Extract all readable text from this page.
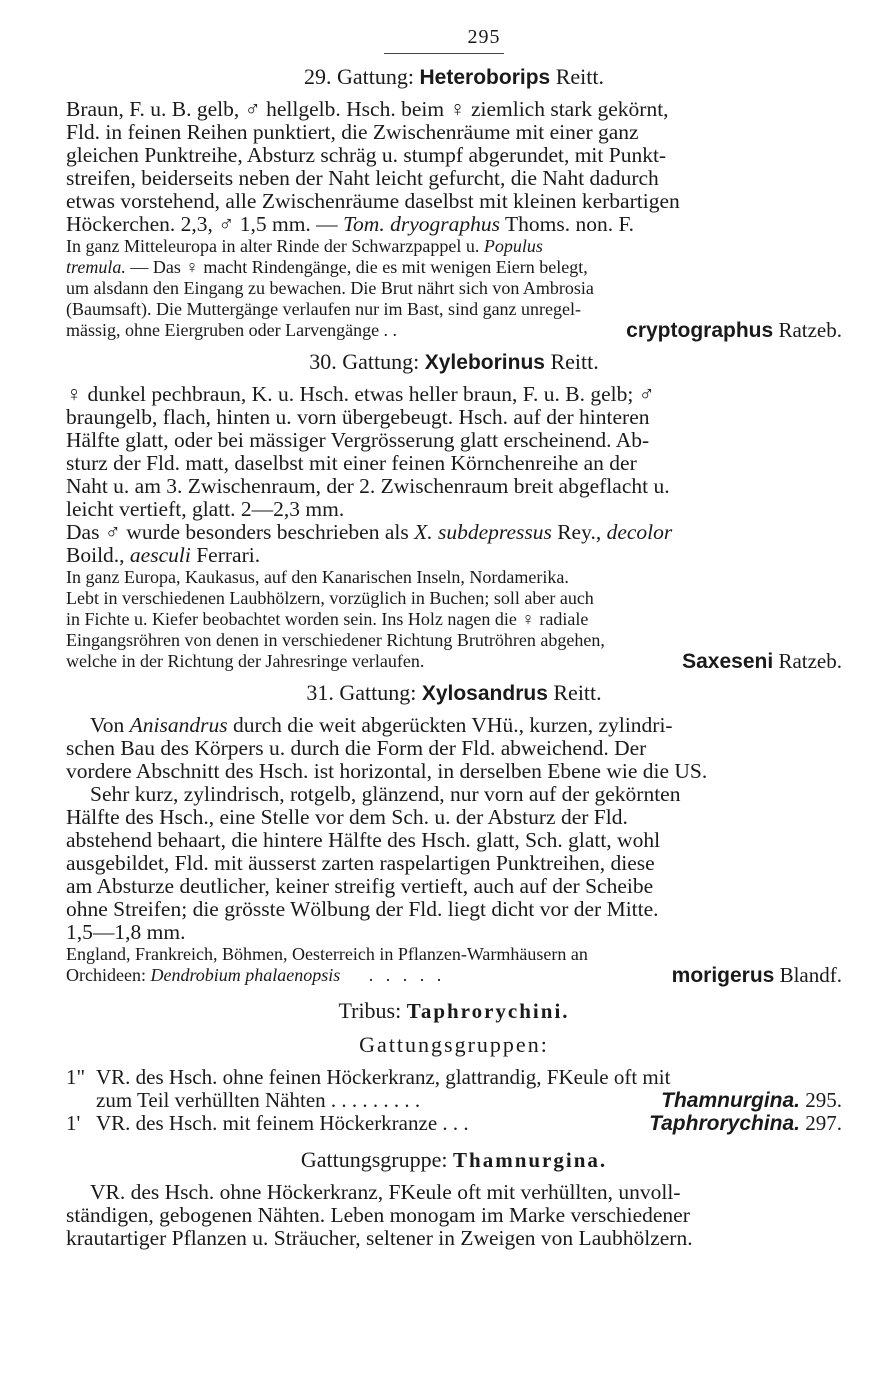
295
29. Gattung: Heteroborips Reitt.

Braun, F. u. B. gelb, ♂ hellgelb. Hsch. beim ♀ ziemlich stark gekörnt,

Fld. in feinen Reihen punktiert, die Zwischenräume mit einer ganz

gleichen Punktreihe, Absturz schräg u. stumpf abgerundet, mit Punkt-

streifen, beiderseits neben der Naht leicht gefurcht, die Naht dadurch

etwas vorstehend, alle Zwischenräume daselbst mit kleinen kerbartigen

Höckerchen. 2,3, ♂ 1,5 mm. — Tom. dryographus Thoms. non. F.

In ganz Mitteleuropa in alter Rinde der Schwarzpappel u. Populus

tremula. — Das ♀ macht Rindengänge, die es mit wenigen Eiern belegt,

um alsdann den Eingang zu bewachen. Die Brut nährt sich von Ambrosia

(Baumsaft). Die Muttergänge verlaufen nur im Bast, sind ganz unregel-

mässig, ohne Eiergruben oder Larvengänge . .	cryptographus Ratzeb.

30. Gattung: Xyleborinus Reitt.

♀ dunkel pechbraun, K. u. Hsch. etwas heller braun, F. u. B. gelb; ♂

braungelb, flach, hinten u. vorn übergebeugt. Hsch. auf der hinteren

Hälfte glatt, oder bei mässiger Vergrösserung glatt erscheinend. Ab-

sturz der Fld. matt, daselbst mit einer feinen Körnchenreihe an der

Naht u. am 3. Zwischenraum, der 2. Zwischenraum breit abgeflacht u.

leicht vertieft, glatt. 2—2,3 mm.

Das ♂ wurde besonders beschrieben als X. subdepressus Rey., decolor

Boild., aesculi Ferrari.

In ganz Europa, Kaukasus, auf den Kanarischen Inseln, Nordamerika.

Lebt in verschiedenen Laubhölzern, vorzüglich in Buchen; soll aber auch

in Fichte u. Kiefer beobachtet worden sein. Ins Holz nagen die ♀ radiale

Eingangsröhren von denen in verschiedener Richtung Brutröhren abgehen,

welche in der Richtung der Jahresringe verlaufen.	Saxeseni Ratzeb.

31. Gattung: Xylosandrus Reitt.

Von Anisandrus durch die weit abgerückten VHü., kurzen, zylindri-

schen Bau des Körpers u. durch die Form der Fld. abweichend. Der

vordere Abschnitt des Hsch. ist horizontal, in derselben Ebene wie die US.

Sehr kurz, zylindrisch, rotgelb, glänzend, nur vorn auf der gekörnten

Hälfte des Hsch., eine Stelle vor dem Sch. u. der Absturz der Fld.

abstehend behaart, die hintere Hälfte des Hsch. glatt, Sch. glatt, wohl

ausgebildet, Fld. mit äusserst zarten raspelartigen Punktreihen, diese

am Absturze deutlicher, keiner streifig vertieft, auch auf der Scheibe

ohne Streifen; die grösste Wölbung der Fld. liegt dicht vor der Mitte.

1,5—1,8 mm.

England, Frankreich, Böhmen, Oesterreich in Pflanzen-Warmhäusern an

Orchideen: Dendrobium phalaenopsis . . . . .	morigerus Blandf.

Tribus: Taphrorychini.
Gattungsgruppen:
1" VR. des Hsch. ohne feinen Höckerkranz, glattrandig, FKeule oft mit
zum Teil verhüllten Nähten . . . . . . . . .	Thamnurgina. 295.
1' VR. des Hsch. mit feinem Höckerkranze . . .	Taphrorychina. 297.
Gattungsgruppe: Thamnurgina.

VR. des Hsch. ohne Höckerkranz, FKeule oft mit verhüllten, unvoll-

ständigen, gebogenen Nähten. Leben monogam im Marke verschiedener

krautartiger Pflanzen u. Sträucher, seltener in Zweigen von Laubhölzern.
